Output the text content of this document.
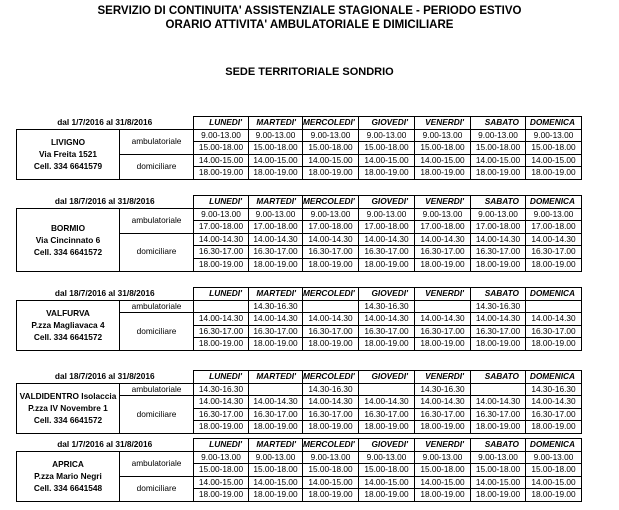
SERVIZIO DI CONTINUITA' ASSISTENZIALE STAGIONALE - PERIODO ESTIVO
ORARIO ATTIVITA' AMBULATORIALE E DIMICILIARE
SEDE TERRITORIALE SONDRIO
dal 1/7/2016 al 31/8/2016		LUNEDI'	MARTEDI'	MERCOLEDI'	GIOVEDI'	VENERDI'	SABATO	DOMENICA

LIVIGNO
Via Freita 1521
Cell. 334 6641579	ambulatoriale	9.00-13.00	9.00-13.00	9.00-13.00	9.00-13.00	9.00-13.00	9.00-13.00	9.00-13.00
		15.00-18.00	15.00-18.00	15.00-18.00	15.00-18.00	15.00-18.00	15.00-18.00	15.00-18.00
	domiciliare	14.00-15.00	14.00-15.00	14.00-15.00	14.00-15.00	14.00-15.00	14.00-15.00	14.00-15.00
		18.00-19.00	18.00-19.00	18.00-19.00	18.00-19.00	18.00-19.00	18.00-19.00	18.00-19.00
dal 18/7/2016 al 31/8/2016		LUNEDI'	MARTEDI'	MERCOLEDI'	GIOVEDI'	VENERDI'	SABATO	DOMENICA

BORMIO
Via Cincinnato 6
Cell. 334 6641572	ambulatoriale	9.00-13.00	9.00-13.00	9.00-13.00	9.00-13.00	9.00-13.00	9.00-13.00	9.00-13.00
		17.00-18.00	17.00-18.00	17.00-18.00	17.00-18.00	17.00-18.00	17.00-18.00	17.00-18.00
	domiciliare	14.00-14.30	14.00-14.30	14.00-14.30	14.00-14.30	14.00-14.30	14.00-14.30	14.00-14.30
		16.30-17.00	16.30-17.00	16.30-17.00	16.30-17.00	16.30-17.00	16.30-17.00	16.30-17.00
		18.00-19.00	18.00-19.00	18.00-19.00	18.00-19.00	18.00-19.00	18.00-19.00	18.00-19.00
dal 18/7/2016 al 31/8/2016		LUNEDI'	MARTEDI'	MERCOLEDI'	GIOVEDI'	VENERDI'	SABATO	DOMENICA

VALFURVA
P.zza Magliavaca 4
Cell. 334 6641572	ambulatoriale		14.30-16.30		14.30-16.30		14.30-16.30	
	domiciliare	14.00-14.30	14.00-14.30	14.00-14.30	14.00-14.30	14.00-14.30	14.00-14.30	14.00-14.30
		16.30-17.00	16.30-17.00	16.30-17.00	16.30-17.00	16.30-17.00	16.30-17.00	16.30-17.00
		18.00-19.00	18.00-19.00	18.00-19.00	18.00-19.00	18.00-19.00	18.00-19.00	18.00-19.00
dal 18/7/2016 al 31/8/2016		LUNEDI'	MARTEDI'	MERCOLEDI'	GIOVEDI'	VENERDI'	SABATO	DOMENICA

VALDIDENTRO Isolaccia
P.zza IV Novembre 1
Cell. 334 6641572	ambulatoriale	14.30-16.30		14.30-16.30		14.30-16.30		14.30-16.30
	domiciliare	14.00-14.30	14.00-14.30	14.00-14.30	14.00-14.30	14.00-14.30	14.00-14.30	14.00-14.30
		16.30-17.00	16.30-17.00	16.30-17.00	16.30-17.00	16.30-17.00	16.30-17.00	16.30-17.00
		18.00-19.00	18.00-19.00	18.00-19.00	18.00-19.00	18.00-19.00	18.00-19.00	18.00-19.00
dal 1/7/2016 al 31/8/2016		LUNEDI'	MARTEDI'	MERCOLEDI'	GIOVEDI'	VENERDI'	SABATO	DOMENICA

APRICA
P.zza Mario Negri
Cell. 334 6641548	ambulatoriale	9.00-13.00	9.00-13.00	9.00-13.00	9.00-13.00	9.00-13.00	9.00-13.00	9.00-13.00
		15.00-18.00	15.00-18.00	15.00-18.00	15.00-18.00	15.00-18.00	15.00-18.00	15.00-18.00
	domiciliare	14.00-15.00	14.00-15.00	14.00-15.00	14.00-15.00	14.00-15.00	14.00-15.00	14.00-15.00
		18.00-19.00	18.00-19.00	18.00-19.00	18.00-19.00	18.00-19.00	18.00-19.00	18.00-19.00
